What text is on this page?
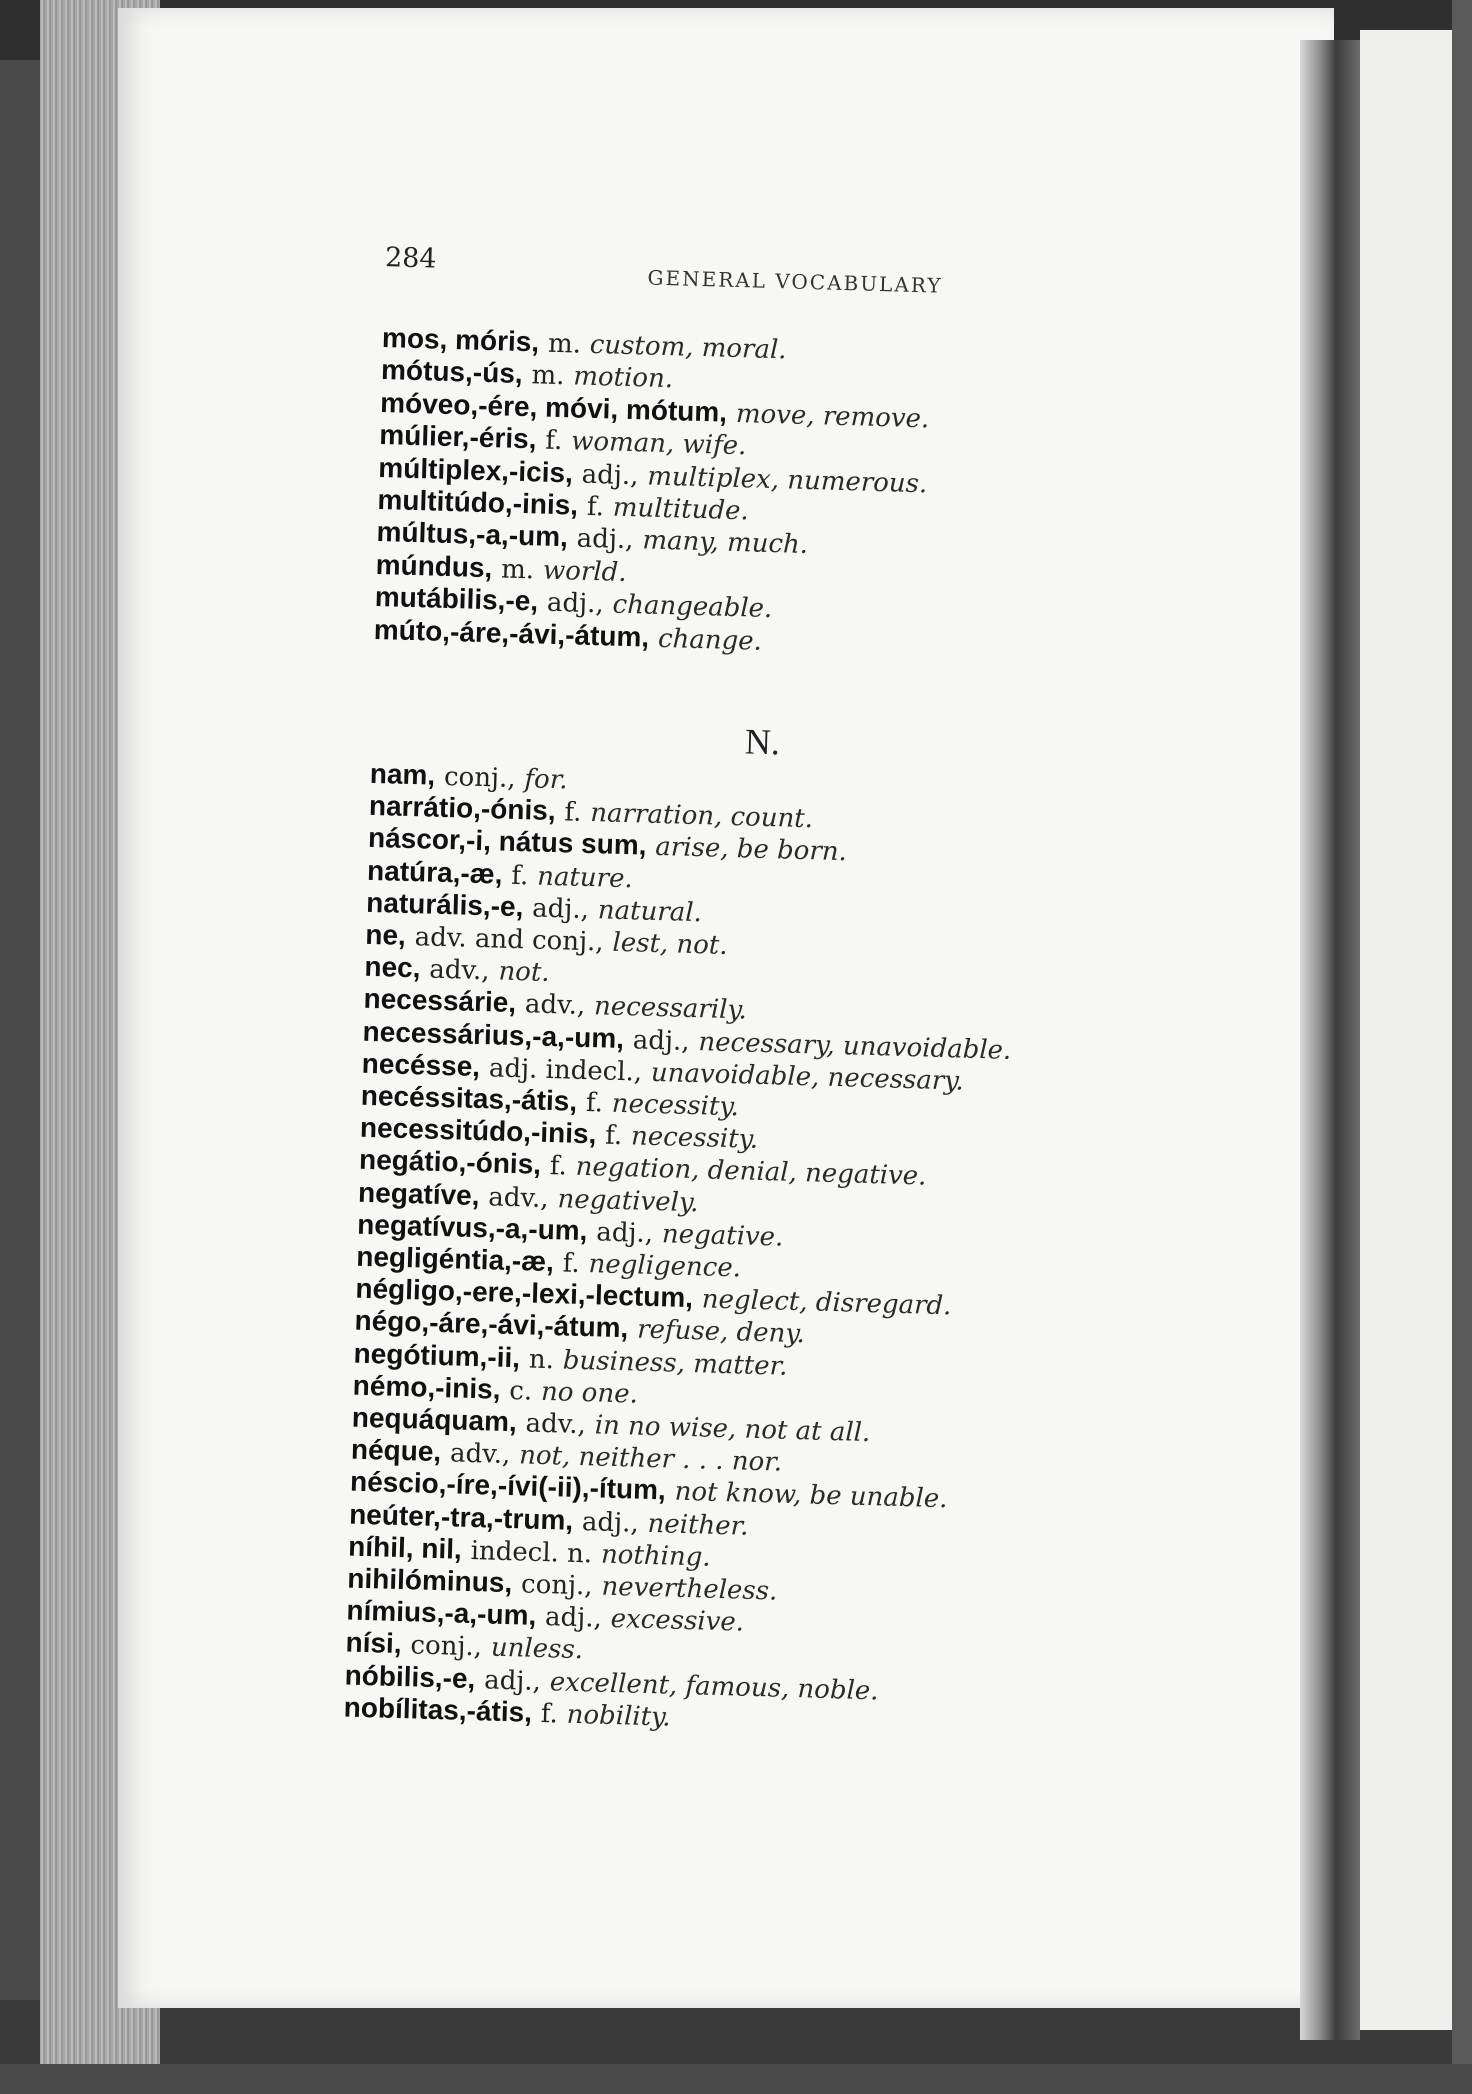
284
GENERAL VOCABULARY
N.
mos, móris, m. custom, moral.
mótus,-ús, m. motion.
móveo,-ére, móvi, mótum, move, remove.
múlier,-éris, f. woman, wife.
múltiplex,-icis, adj., multiplex, numerous.
multitúdo,-inis, f. multitude.
múltus,-a,-um, adj., many, much.
múndus, m. world.
mutábilis,-e, adj., changeable.
múto,-áre,-ávi,-átum, change.
nam, conj., for.
narrátio,-ónis, f. narration, count.
náscor,-i, nátus sum, arise, be born.
natúra,-æ, f. nature.
naturális,-e, adj., natural.
ne, adv. and conj., lest, not.
nec, adv., not.
necessárie, adv., necessarily.
necessárius,-a,-um, adj., necessary, unavoidable.
necésse, adj. indecl., unavoidable, necessary.
necéssitas,-átis, f. necessity.
necessitúdo,-inis, f. necessity.
negátio,-ónis, f. negation, denial, negative.
negatíve, adv., negatively.
negatívus,-a,-um, adj., negative.
negligéntia,-æ, f. negligence.
négligo,-ere,-lexi,-lectum, neglect, disregard.
négo,-áre,-ávi,-átum, refuse, deny.
negótium,-ii, n. business, matter.
némo,-inis, c. no one.
nequáquam, adv., in no wise, not at all.
néque, adv., not, neither . . . nor.
néscio,-íre,-ívi(-ii),-ítum, not know, be unable.
neúter,-tra,-trum, adj., neither.
níhil, nil, indecl. n. nothing.
nihilóminus, conj., nevertheless.
nímius,-a,-um, adj., excessive.
nísi, conj., unless.
nóbilis,-e, adj., excellent, famous, noble.
nobílitas,-átis, f. nobility.
